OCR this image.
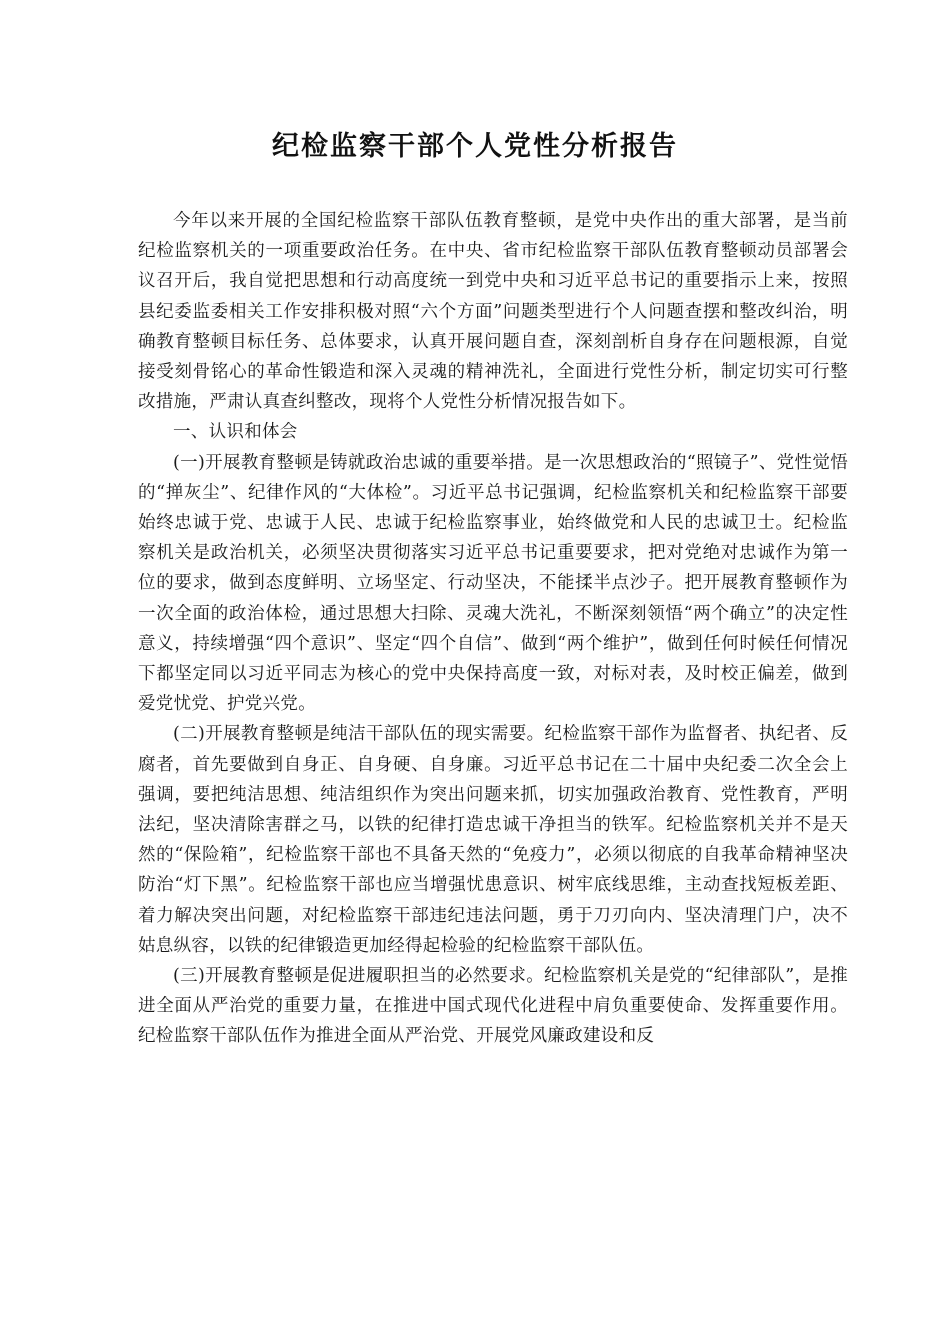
纪检监察干部个人党性分析报告

今年以来开展的全国纪检监察干部队伍教育整顿，是党中央作出的重大部署，是当前纪检监察机关的一项重要政治任务。在中央、省市纪检监察干部队伍教育整顿动员部署会议召开后，我自觉把思想和行动高度统一到党中央和习近平总书记的重要指示上来，按照县纪委监委相关工作安排积极对照“六个方面”问题类型进行个人问题查摆和整改纠治，明确教育整顿目标任务、总体要求，认真开展问题自查，深刻剖析自身存在问题根源，自觉接受刻骨铭心的革命性锻造和深入灵魂的精神洗礼，全面进行党性分析，制定切实可行整改措施，严肃认真查纠整改，现将个人党性分析情况报告如下。

一、认识和体会

(一)开展教育整顿是铸就政治忠诚的重要举措。是一次思想政治的“照镜子”、党性觉悟的“掸灰尘”、纪律作风的“大体检”。习近平总书记强调，纪检监察机关和纪检监察干部要始终忠诚于党、忠诚于人民、忠诚于纪检监察事业，始终做党和人民的忠诚卫士。纪检监察机关是政治机关，必须坚决贯彻落实习近平总书记重要要求，把对党绝对忠诚作为第一位的要求，做到态度鲜明、立场坚定、行动坚决，不能揉半点沙子。把开展教育整顿作为一次全面的政治体检，通过思想大扫除、灵魂大洗礼，不断深刻领悟“两个确立”的决定性意义，持续增强“四个意识”、坚定“四个自信”、做到“两个维护”，做到任何时候任何情况下都坚定同以习近平同志为核心的党中央保持高度一致，对标对表，及时校正偏差，做到爱党忧党、护党兴党。

(二)开展教育整顿是纯洁干部队伍的现实需要。纪检监察干部作为监督者、执纪者、反腐者，首先要做到自身正、自身硬、自身廉。习近平总书记在二十届中央纪委二次全会上强调，要把纯洁思想、纯洁组织作为突出问题来抓，切实加强政治教育、党性教育，严明法纪，坚决清除害群之马，以铁的纪律打造忠诚干净担当的铁军。纪检监察机关并不是天然的“保险箱”，纪检监察干部也不具备天然的“免疫力”，必须以彻底的自我革命精神坚决防治“灯下黑”。纪检监察干部也应当增强忧患意识、树牢底线思维，主动查找短板差距、着力解决突出问题，对纪检监察干部违纪违法问题，勇于刀刃向内、坚决清理门户，决不姑息纵容，以铁的纪律锻造更加经得起检验的纪检监察干部队伍。

(三)开展教育整顿是促进履职担当的必然要求。纪检监察机关是党的“纪律部队”，是推进全面从严治党的重要力量，在推进中国式现代化进程中肩负重要使命、发挥重要作用。纪检监察干部队伍作为推进全面从严治党、开展党风廉政建设和反
